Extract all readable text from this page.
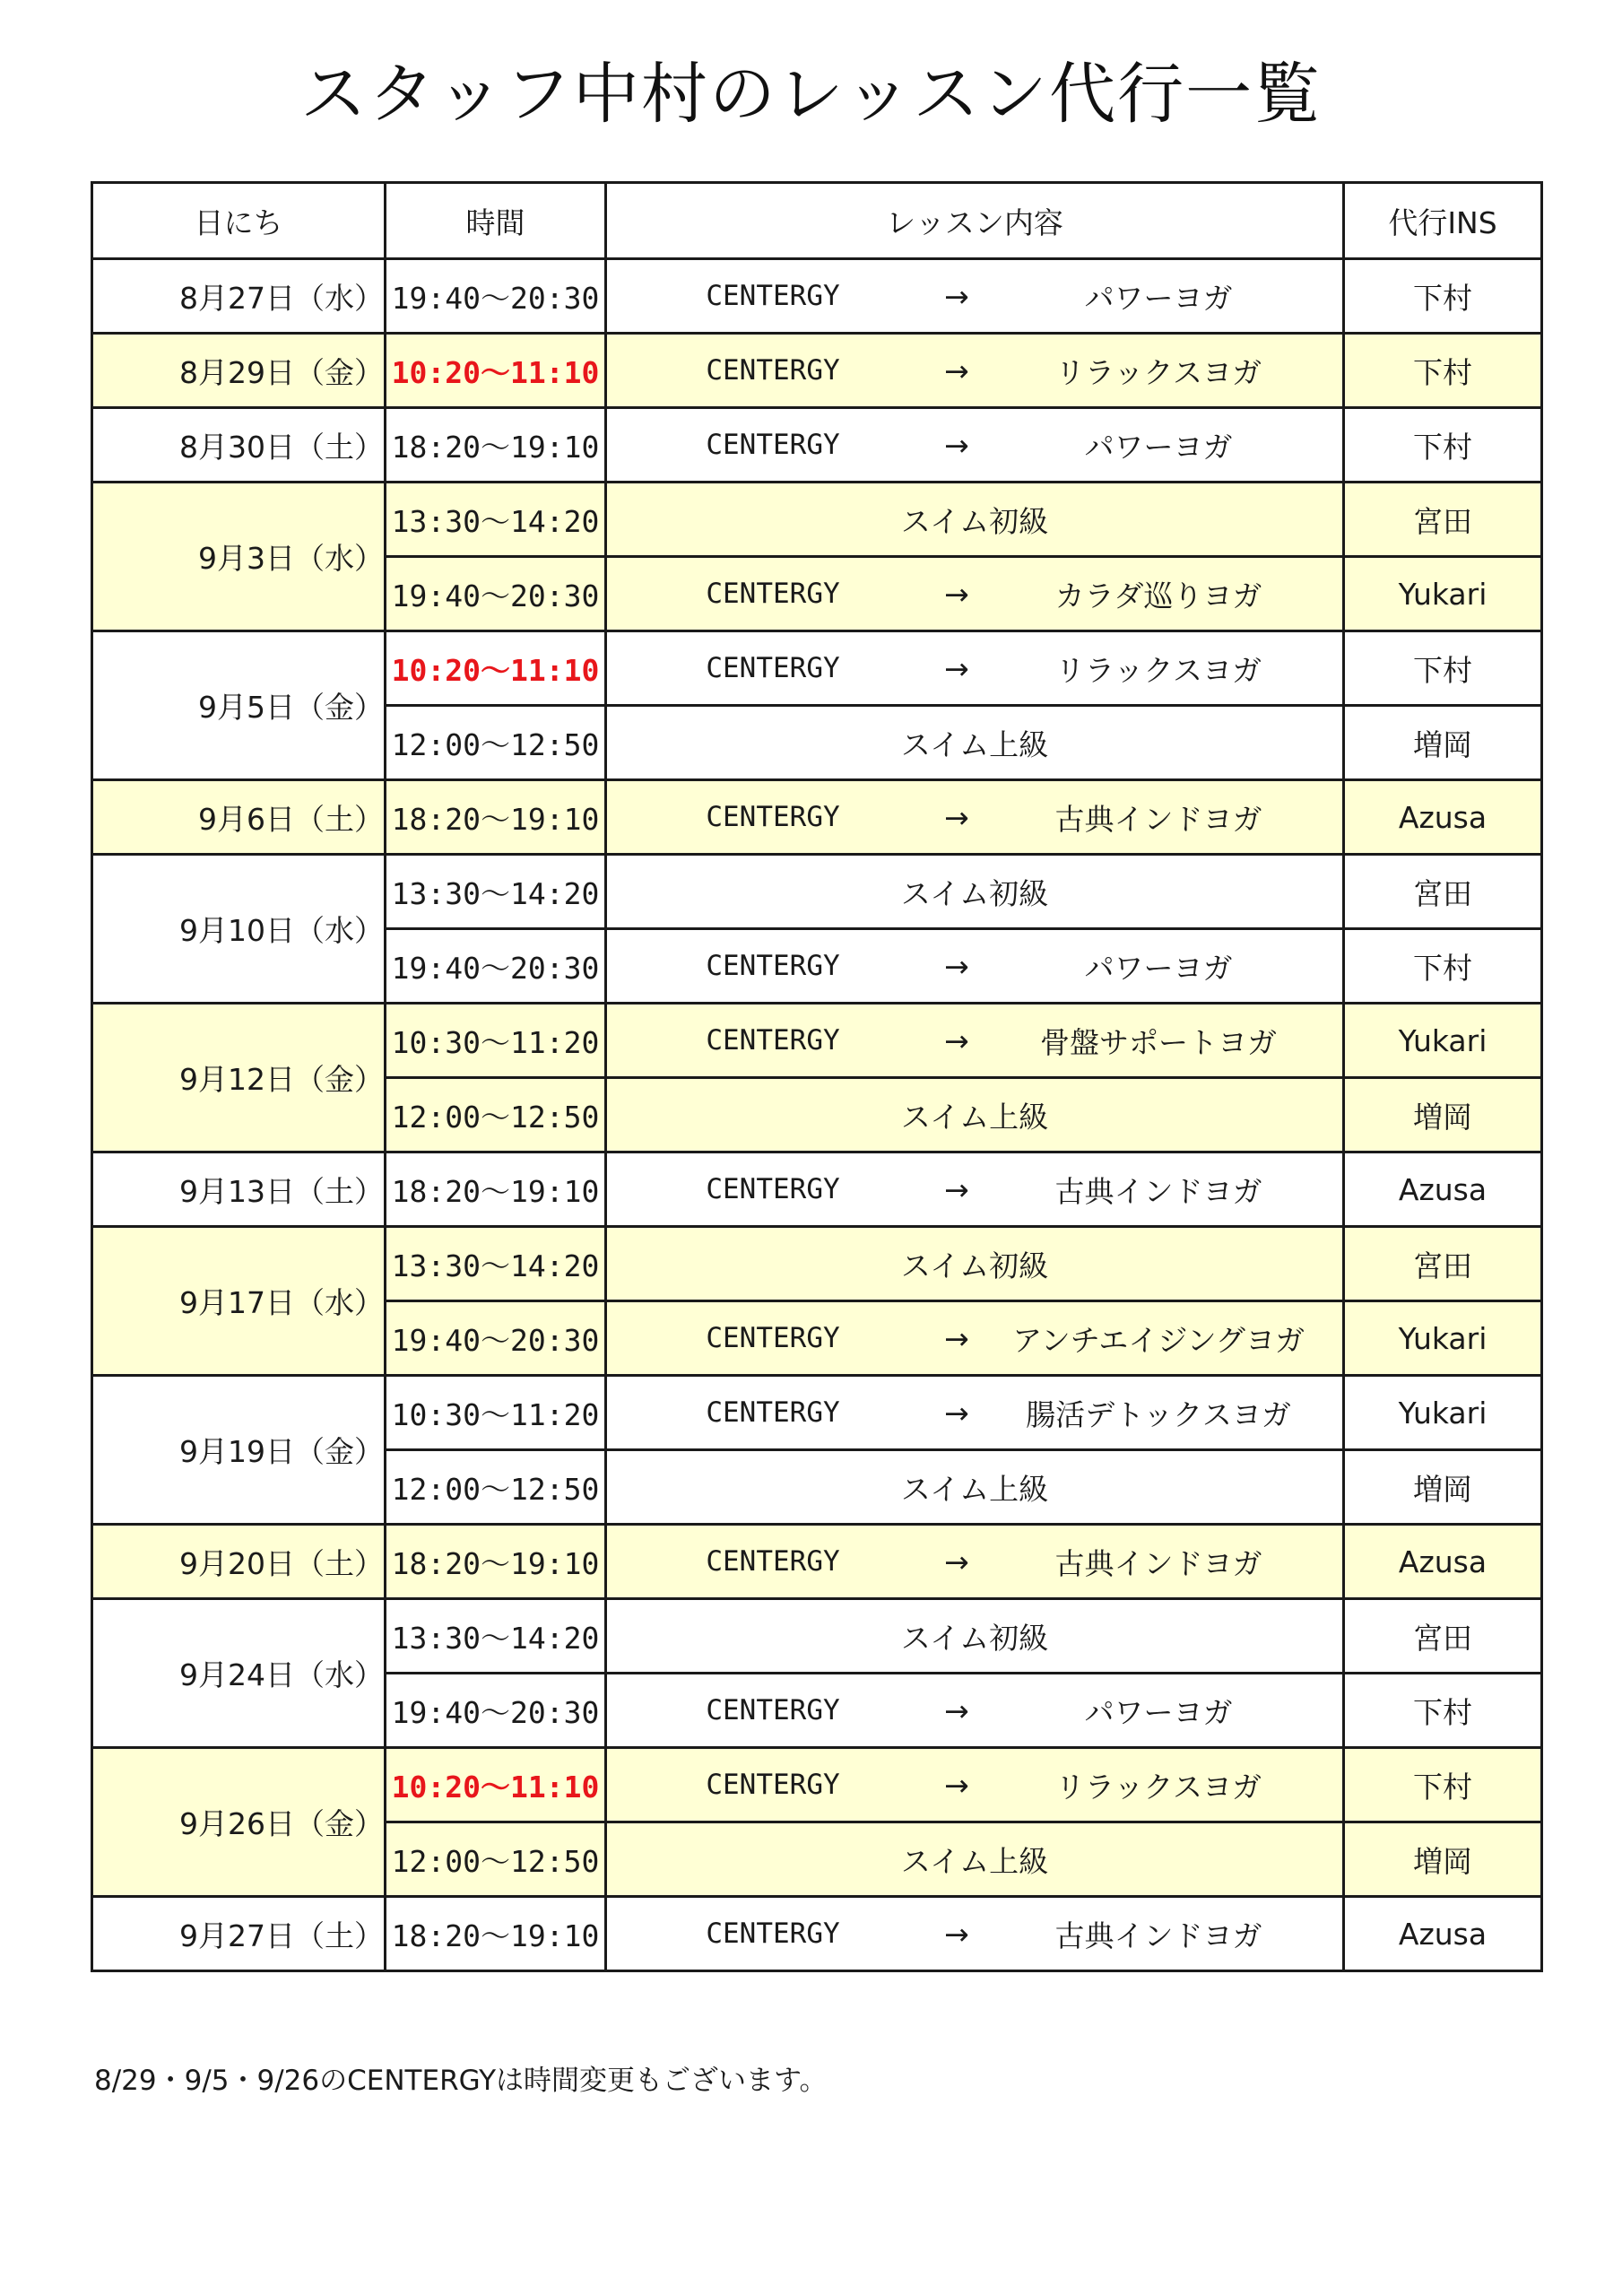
スタッフ中村のレッスン代行一覧
日にち	時間	レッスン内容	代行INS
8月27日（水）	19:40～20:30	CENTERGY → パワーヨガ	下村
8月29日（金）	10:20～11:10	CENTERGY → リラックスヨガ	下村
8月30日（土）	18:20～19:10	CENTERGY → パワーヨガ	下村
9月3日（水）	13:30～14:20	スイム初級	宮田
	19:40～20:30	CENTERGY → カラダ巡りヨガ	Yukari
9月5日（金）	10:20～11:10	CENTERGY → リラックスヨガ	下村
	12:00～12:50	スイム上級	増岡
9月6日（土）	18:20～19:10	CENTERGY → 古典インドヨガ	Azusa
9月10日（水）	13:30～14:20	スイム初級	宮田
	19:40～20:30	CENTERGY → パワーヨガ	下村
9月12日（金）	10:30～11:20	CENTERGY → 骨盤サポートヨガ	Yukari
	12:00～12:50	スイム上級	増岡
9月13日（土）	18:20～19:10	CENTERGY → 古典インドヨガ	Azusa
9月17日（水）	13:30～14:20	スイム初級	宮田
	19:40～20:30	CENTERGY → アンチエイジングヨガ	Yukari
9月19日（金）	10:30～11:20	CENTERGY → 腸活デトックスヨガ	Yukari
	12:00～12:50	スイム上級	増岡
9月20日（土）	18:20～19:10	CENTERGY → 古典インドヨガ	Azusa
9月24日（水）	13:30～14:20	スイム初級	宮田
	19:40～20:30	CENTERGY → パワーヨガ	下村
9月26日（金）	10:20～11:10	CENTERGY → リラックスヨガ	下村
	12:00～12:50	スイム上級	増岡
9月27日（土）	18:20～19:10	CENTERGY → 古典インドヨガ	Azusa
8/29・9/5・9/26のCENTERGYは時間変更もございます。
